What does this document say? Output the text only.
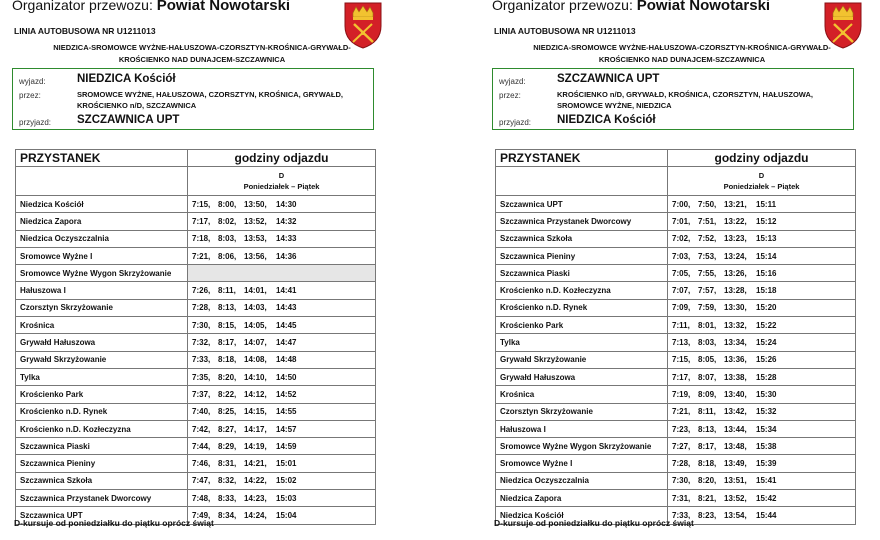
Organizator przewozu: Powiat Nowotarski
LINIA AUTOBUSOWA NR U1211013
NIEDZICA-SROMOWCE WYŻNE-HAŁUSZOWA-CZORSZTYN-KROŚNICA-GRYWAŁD-
KROŚCIENKO NAD DUNAJCEM-SZCZAWNICA
wyjazd:	NIEDZICA Kościół
przez:	SROMOWCE WYŻNE, HAŁUSZOWA, CZORSZTYN, KROŚNICA, GRYWAŁD, KROŚCIENKO n/D, SZCZAWNICA
przyjazd: SZCZAWNICA UPT
PRZYSTANEK	godziny odjazdu

	D
Poniedziałek – Piątek

Niedzica Kościół	7:15, 8:00, 13:50, 14:30
Niedzica Zapora	7:17, 8:02, 13:52, 14:32
Niedzica Oczyszczalnia	7:18, 8:03, 13:53, 14:33
Sromowce Wyżne I	7:21, 8:06, 13:56, 14:36
Sromowce Wyżne Wygon Skrzyżowanie	
Hałuszowa I	7:26, 8:11, 14:01, 14:41
Czorsztyn Skrzyżowanie	7:28, 8:13, 14:03, 14:43
Krośnica	7:30, 8:15, 14:05, 14:45
Grywałd Hałuszowa	7:32, 8:17, 14:07, 14:47
Grywałd Skrzyżowanie	7:33, 8:18, 14:08, 14:48
Tylka	7:35, 8:20, 14:10, 14:50
Krościenko Park	7:37, 8:22, 14:12, 14:52
Krościenko n.D. Rynek	7:40, 8:25, 14:15, 14:55
Krościenko n.D. Kozłeczyzna	7:42, 8:27, 14:17, 14:57
Szczawnica Piaski	7:44, 8:29, 14:19, 14:59
Szczawnica Pieniny	7:46, 8:31, 14:21, 15:01
Szczawnica Szkoła	7:47, 8:32, 14:22, 15:02
Szczawnica Przystanek Dworcowy	7:48, 8:33, 14:23, 15:03
Szczawnica UPT	7:49, 8:34, 14:24, 15:04
D-kursuje od poniedziałku do piątku oprócz świąt
Organizator przewozu: Powiat Nowotarski
LINIA AUTOBUSOWA NR U1211013
NIEDZICA-SROMOWCE WYŻNE-HAŁUSZOWA-CZORSZTYN-KROŚNICA-GRYWAŁD-
KROŚCIENKO NAD DUNAJCEM-SZCZAWNICA
wyjazd:	SZCZAWNICA UPT
przez:	KROŚCIENKO n/D, GRYWAŁD, KROŚNICA, CZORSZTYN, HAŁUSZOWA, SROMOWCE WYŻNE, NIEDZICA
przyjazd: NIEDZICA Kościół
PRZYSTANEK	godziny odjazdu

	D
Poniedziałek – Piątek

Szczawnica UPT	7:00, 7:50, 13:21, 15:11
Szczawnica Przystanek Dworcowy	7:01, 7:51, 13:22, 15:12
Szczawnica Szkoła	7:02, 7:52, 13:23, 15:13
Szczawnica Pieniny	7:03, 7:53, 13:24, 15:14
Szczawnica Piaski	7:05, 7:55, 13:26, 15:16
Krościenko n.D. Kozłeczyzna	7:07, 7:57, 13:28, 15:18
Krościenko n.D. Rynek	7:09, 7:59, 13:30, 15:20
Krościenko Park	7:11, 8:01, 13:32, 15:22
Tylka	7:13, 8:03, 13:34, 15:24
Grywałd Skrzyżowanie	7:15, 8:05, 13:36, 15:26
Grywałd Hałuszowa	7:17, 8:07, 13:38, 15:28
Krośnica	7:19, 8:09, 13:40, 15:30
Czorsztyn Skrzyżowanie	7:21, 8:11, 13:42, 15:32
Hałuszowa I	7:23, 8:13, 13:44, 15:34
Sromowce Wyżne Wygon Skrzyżowanie	7:27, 8:17, 13:48, 15:38
Sromowce Wyżne I	7:28, 8:18, 13:49, 15:39
Niedzica Oczyszczalnia	7:30, 8:20, 13:51, 15:41
Niedzica Zapora	7:31, 8:21, 13:52, 15:42
Niedzica Kościół	7:33, 8:23, 13:54, 15:44
D-kursuje od poniedziałku do piątku oprócz świąt
